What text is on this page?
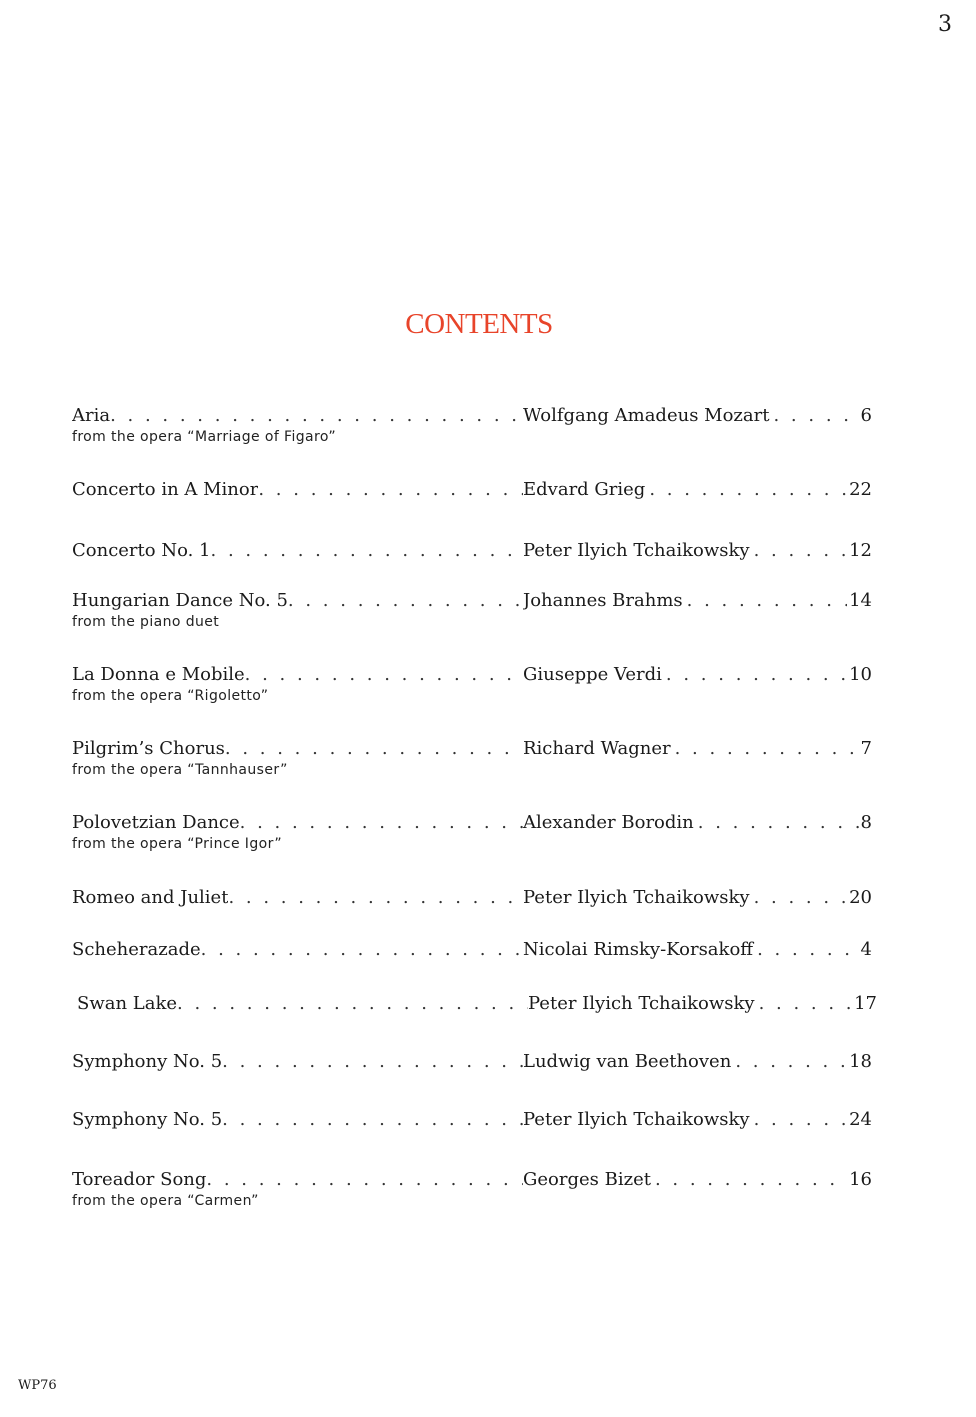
3
CONTENTS
Aria . . .	Wolfgang Amadeus Mozart . . .	6
from the opera “Marriage of Figaro”
Concerto in A Minor . . .	Edvard Grieg . . .	22
Concerto No. 1 . . .	Peter Ilyich Tchaikowsky . . .	12
Hungarian Dance No. 5 . . .	Johannes Brahms . . .	14
from the piano duet
La Donna e Mobile . . .	Giuseppe Verdi . . .	10
from the opera “Rigoletto”
Pilgrim’s Chorus . . .	Richard Wagner . . .	7
from the opera “Tannhauser”
Polovetzian Dance . . .	Alexander Borodin . . .	8
from the opera “Prince Igor”
Romeo and Juliet . . .	Peter Ilyich Tchaikowsky . . .	20
Scheherazade . . .	Nicolai Rimsky-Korsakoff . . .	4
Swan Lake . . .	Peter Ilyich Tchaikowsky . . .	17
Symphony No. 5 . . .	Ludwig van Beethoven . . .	18
Symphony No. 5 . . .	Peter Ilyich Tchaikowsky . . .	24
Toreador Song . . .	Georges Bizet . . .	16
from the opera “Carmen”
WP76
